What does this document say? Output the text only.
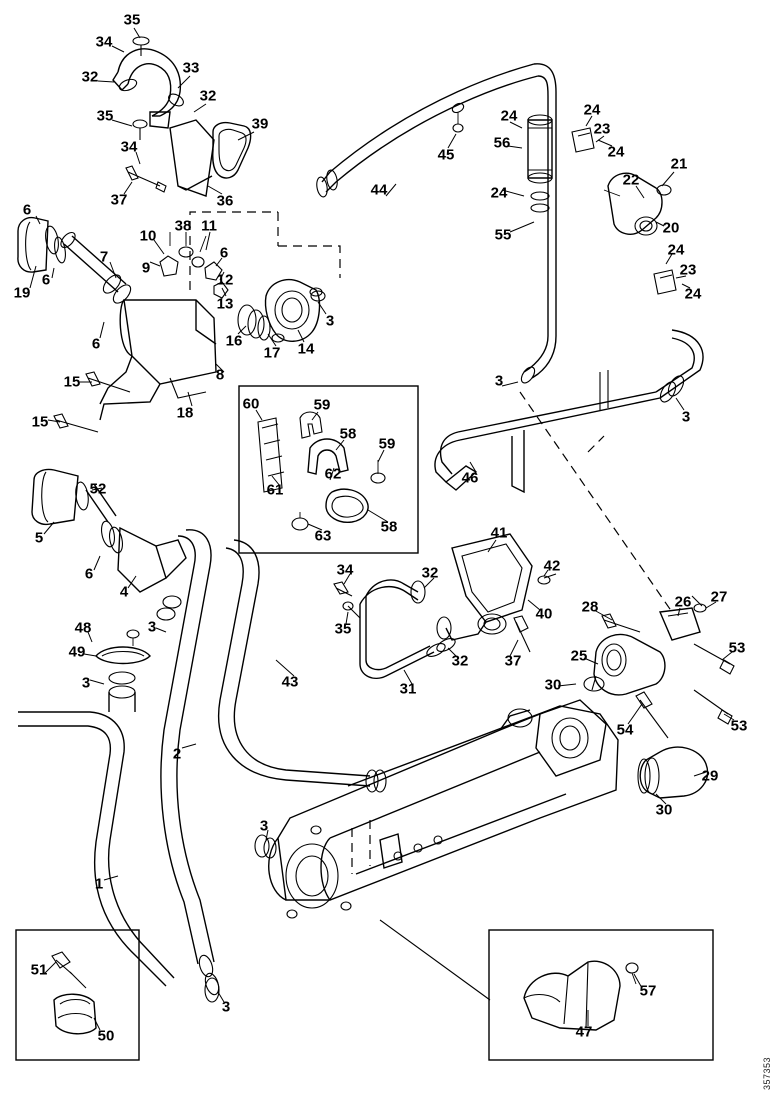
1
2
3
3
3
3
3
3
3
4
5
6
6
6
6
6
7
8
9
10
11
12
13
14
15
15
16
17
18
19
20
21
22
23
23
24	24
24
24
24
24
25
26 27
28
29
30
30
31
32
32
32
32
33
34
34
34
35
35
35
36
37
37
38
39
40
41
42
43
44
45
46
47
48
49
50
51
52
53
53
54
55
56
57
58
58
59
59
60
61
62
63
357353
